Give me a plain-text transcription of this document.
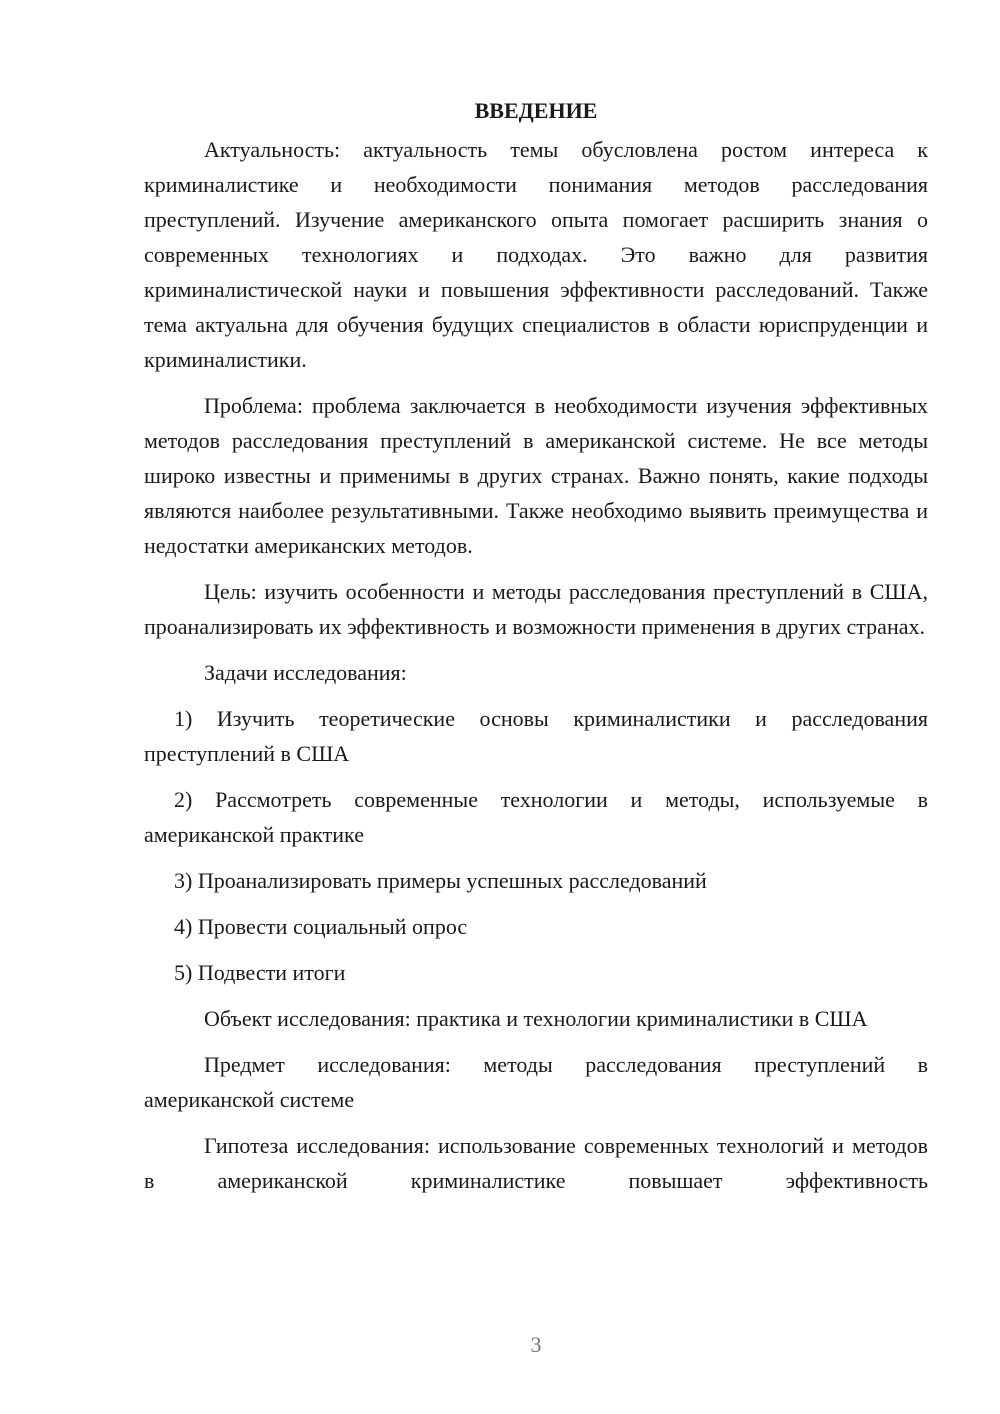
ВВЕДЕНИЕ

Актуальность: актуальность темы обусловлена ростом интереса к криминалистике и необходимости понимания методов расследования преступлений. Изучение американского опыта помогает расширить знания о современных технологиях и подходах. Это важно для развития криминалистической науки и повышения эффективности расследований. Также тема актуальна для обучения будущих специалистов в области юриспруденции и криминалистики.

Проблема: проблема заключается в необходимости изучения эффективных методов расследования преступлений в американской системе. Не все методы широко известны и применимы в других странах. Важно понять, какие подходы являются наиболее результативными. Также необходимо выявить преимущества и недостатки американских методов.

Цель: изучить особенности и методы расследования преступлений в США, проанализировать их эффективность и возможности применения в других странах.

Задачи исследования:

1) Изучить теоретические основы криминалистики и расследования преступлений в США

2) Рассмотреть современные технологии и методы, используемые в американской практике

3) Проанализировать примеры успешных расследований

4) Провести социальный опрос

5) Подвести итоги

Объект исследования: практика и технологии криминалистики в США

Предмет исследования: методы расследования преступлений в американской системе

Гипотеза исследования: использование современных технологий и методов в американской криминалистике повышает эффективность

3
